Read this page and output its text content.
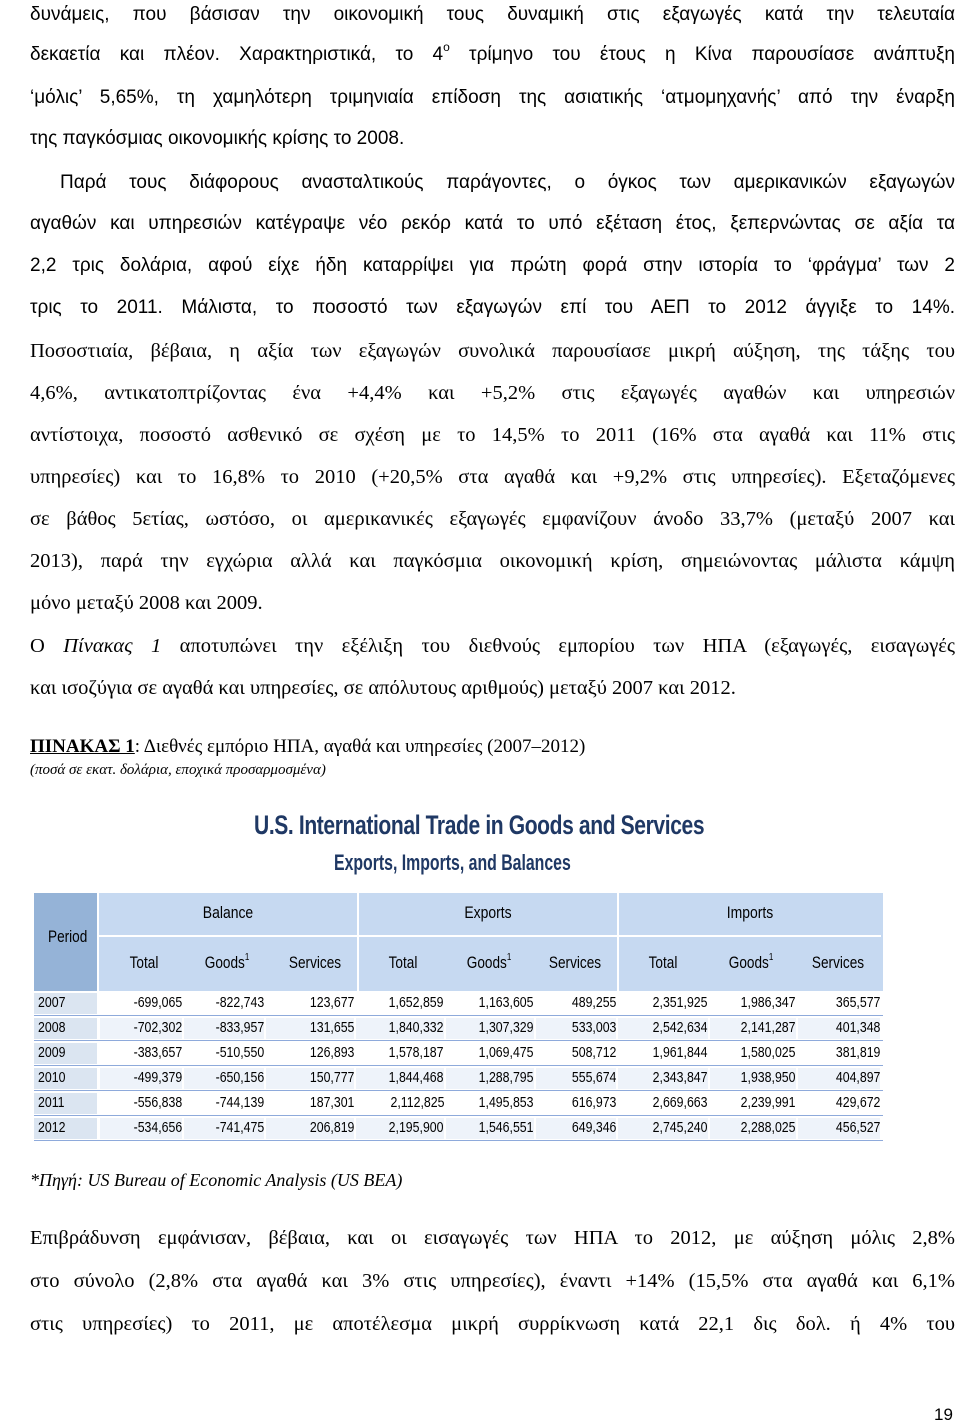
δυνάμεις, που βάσισαν την οικονομική τους δυναμική στις εξαγωγές κατά την τελευταία
δεκαετία και πλέον. Χαρακτηριστικά, το $4^o$ τρίμηνο του έτους η Κίνα παρουσίασε ανάπτυξη
‘μόλις’ 5,65%, τη χαμηλότερη τριμηνιαία επίδοση της ασιατικής ‘ατμομηχανής’ από την έναρξη
της παγκόσμιας οικονομικής κρίσης το 2008.
Παρά τους διάφορους ανασταλτικούς παράγοντες, ο όγκος των αμερικανικών εξαγωγών
αγαθών και υπηρεσιών κατέγραψε νέο ρεκόρ κατά το υπό εξέταση έτος, ξεπερνώντας σε αξία τα
2,2 τρις δολάρια, αφού είχε ήδη καταρρίψει για πρώτη φορά στην ιστορία το ‘φράγμα’ των 2
τρις το 2011. Μάλιστα, το ποσοστό των εξαγωγών επί του ΑΕΠ το 2012 άγγιξε το 14%.
Ποσοστιαία, βέβαια, η αξία των εξαγωγών συνολικά παρουσίασε μικρή αύξηση, της τάξης του
4,6%, αντικατοπτρίζοντας ένα +4,4% και +5,2% στις εξαγωγές αγαθών και υπηρεσιών
αντίστοιχα, ποσοστό ασθενικό σε σχέση με το 14,5% το 2011 (16% στα αγαθά και 11% στις
υπηρεσίες) και το 16,8% το 2010 (+20,5% στα αγαθά και +9,2% στις υπηρεσίες). Εξεταζόμενες
σε βάθος 5ετίας, ωστόσο, οι αμερικανικές εξαγωγές εμφανίζουν άνοδο 33,7% (μεταξύ 2007 και
2013), παρά την εγχώρια αλλά και παγκόσμια οικονομική κρίση, σημειώνοντας μάλιστα κάμψη
μόνο μεταξύ 2008 και 2009.
Ο Πίνακας 1 αποτυπώνει την εξέλιξη του διεθνούς εμπορίου των ΗΠΑ (εξαγωγές, εισαγωγές
και ισοζύγια σε αγαθά και υπηρεσίες, σε απόλυτους αριθμούς) μεταξύ 2007 και 2012.
ΠΙΝΑΚΑΣ 1: Διεθνές εμπόριο ΗΠΑ, αγαθά και υπηρεσίες (2007–2012)
(ποσά σε εκατ. δολάρια, εποχικά προσαρμοσμένα)
U.S. International Trade in Goods and Services
Exports, Imports, and Balances
Period
Balance	Exports	Imports
Total	Goods$^1$	Services	Total	Goods$^1$	Services	Total	Goods$^1$	Services
2007	-699,065	-822,743	123,677	1,652,859	1,163,605	489,255	2,351,925	1,986,347	365,577
2008	-702,302	-833,957	131,655	1,840,332	1,307,329	533,003	2,542,634	2,141,287	401,348
2009	-383,657	-510,550	126,893	1,578,187	1,069,475	508,712	1,961,844	1,580,025	381,819
2010	-499,379	-650,156	150,777	1,844,468	1,288,795	555,674	2,343,847	1,938,950	404,897
2011	-556,838	-744,139	187,301	2,112,825	1,495,853	616,973	2,669,663	2,239,991	429,672
2012	-534,656	-741,475	206,819	2,195,900	1,546,551	649,346	2,745,240	2,288,025	456,527
*Πηγή: US Bureau of Economic Analysis (US BEA)
Επιβράδυνση εμφάνισαν, βέβαια, και οι εισαγωγές των ΗΠΑ το 2012, με αύξηση μόλις 2,8%
στο σύνολο (2,8% στα αγαθά και 3% στις υπηρεσίες), έναντι +14% (15,5% στα αγαθά και 6,1%
στις υπηρεσίες) το 2011, με αποτέλεσμα μικρή συρρίκνωση κατά 22,1 δις δολ. ή 4% του
19
